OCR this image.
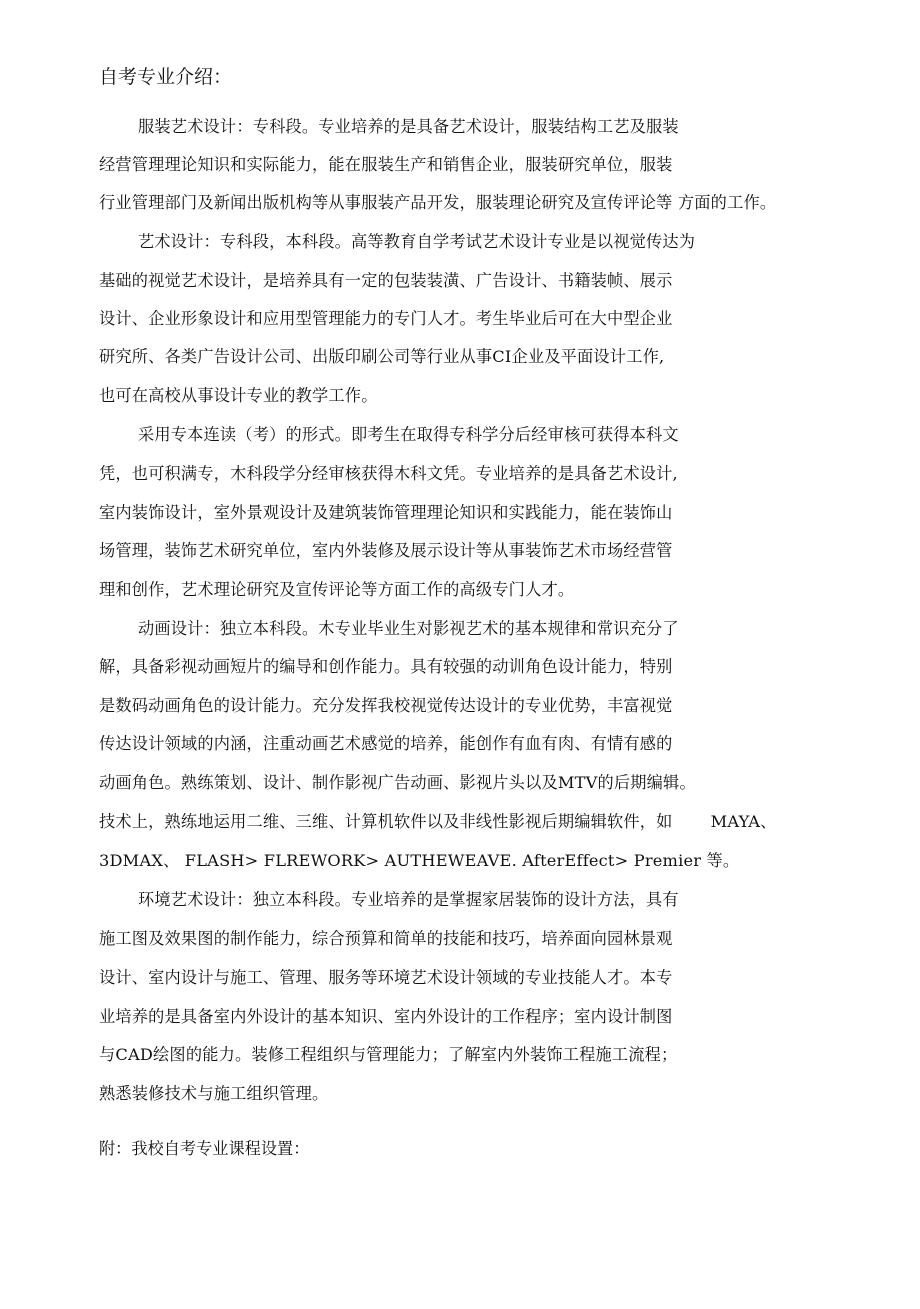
自考专业介绍：
服装艺术设计：专科段。专业培养的是具备艺术设计，服装结构工艺及服装
经营管理理论知识和实际能力，能在服装生产和销售企业，服装研究单位，服装
行业管理部门及新闻出版机构等从事服装产品开发，服装理论研究及宣传评论等 方面的工作。
艺术设计：专科段，本科段。高等教育自学考试艺术设计专业是以视觉传达为
基础的视觉艺术设计，是培养具有一定的包装装潢、广告设计、书籍装帧、展示
设计、企业形象设计和应用型管理能力的专门人才。考生毕业后可在大中型企业
研究所、各类广告设计公司、出版印刷公司等行业从事CI企业及平面设计工作,
也可在高校从事设计专业的教学工作。
采用专本连读（考）的形式。即考生在取得专科学分后经审核可获得本科文
凭，也可积满专，木科段学分经审核获得木科文凭。专业培养的是具备艺术设计,
室内装饰设计，室外景观设计及建筑装饰管理理论知识和实践能力，能在装饰山
场管理，装饰艺术研究单位，室内外装修及展示设计等从事装饰艺术市场经营管
理和创作，艺术理论研究及宣传评论等方面工作的高级专门人才。
动画设计：独立本科段。木专业毕业生对影视艺术的基本规律和常识充分了
解，具备彩视动画短片的编导和创作能力。具有较强的动训角色设计能力，特别
是数码动画角色的设计能力。充分发挥我校视觉传达设计的专业优势，丰富视觉
传达设计领域的内涵，注重动画艺术感觉的培养，能创作有血有肉、有情有感的
动画角色。熟练策划、设计、制作影视广告动画、影视片头以及MTV的后期编辑。
技术上，熟练地运用二维、三维、计算机软件以及非线性影视后期编辑软件，如 MAYA、
3DMAX、 FLASH> FLREWORK> AUTHEWEAVE. AfterEffect> Premier 等。
环境艺术设计：独立本科段。专业培养的是掌握家居装饰的设计方法，具有
施工图及效果图的制作能力，综合预算和简单的技能和技巧，培养面向园林景观
设计、室内设计与施工、管理、服务等环境艺术设计领域的专业技能人才。本专
业培养的是具备室内外设计的基本知识、室内外设计的工作程序；室内设计制图
与CAD绘图的能力。装修工程组织与管理能力；了解室内外装饰工程施工流程；
熟悉装修技术与施工组织管理。
附：我校自考专业课程设置：
